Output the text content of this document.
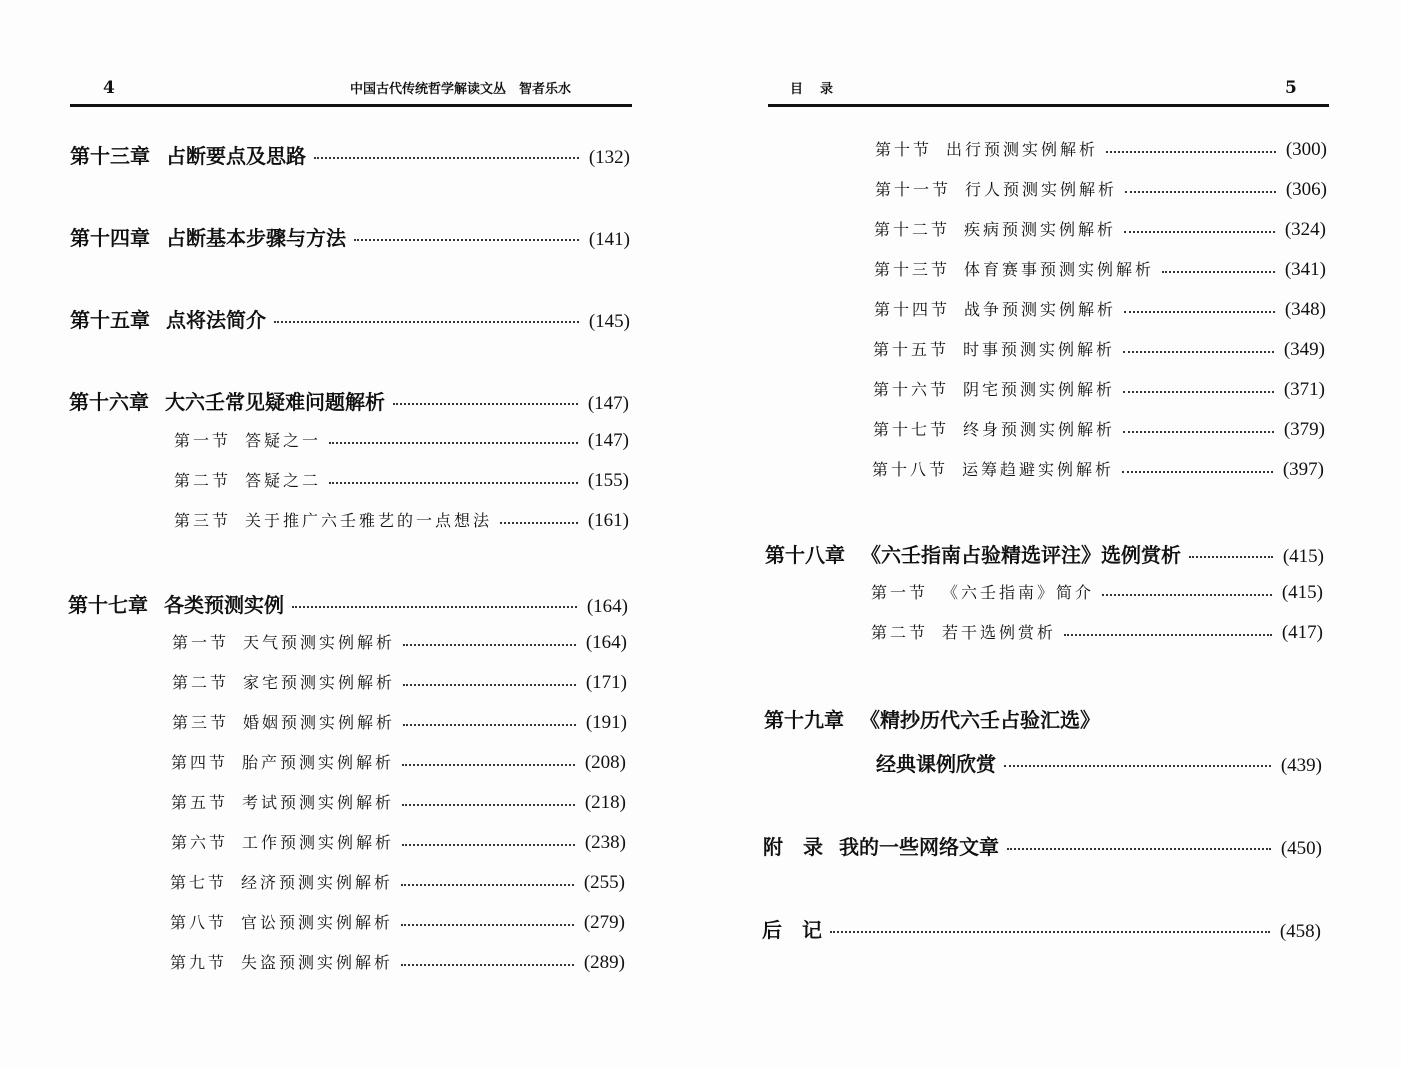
4	中国古代传统哲学解读文丛　智者乐水
第十三章 占断要点及思路	(132)
第十四章 占断基本步骤与方法	(141)
第十五章 点将法简介	(145)
第十六章 大六壬常见疑难问题解析	(147)
第一节 答疑之一	(147)
第二节 答疑之二	(155)
第三节 关于推广六壬雅艺的一点想法	(161)
第十七章 各类预测实例	(164)
第一节 天气预测实例解析	(164)
第二节 家宅预测实例解析	(171)
第三节 婚姻预测实例解析	(191)
第四节 胎产预测实例解析	(208)
第五节 考试预测实例解析	(218)
第六节 工作预测实例解析	(238)
第七节 经济预测实例解析	(255)
第八节 官讼预测实例解析	(279)
第九节 失盗预测实例解析	(289)
目　录	5
第十节 出行预测实例解析	(300)
第十一节 行人预测实例解析	(306)
第十二节 疾病预测实例解析	(324)
第十三节 体育赛事预测实例解析	(341)
第十四节 战争预测实例解析	(348)
第十五节 时事预测实例解析	(349)
第十六节 阴宅预测实例解析	(371)
第十七节 终身预测实例解析	(379)
第十八节 运筹趋避实例解析	(397)
第十八章 《六壬指南占验精选评注》选例赏析	(415)
第一节 《六壬指南》简介	(415)
第二节 若干选例赏析	(417)
第十九章 《精抄历代六壬占验汇选》
经典课例欣赏	(439)
附　录 我的一些网络文章	(450)
后　记	(458)
